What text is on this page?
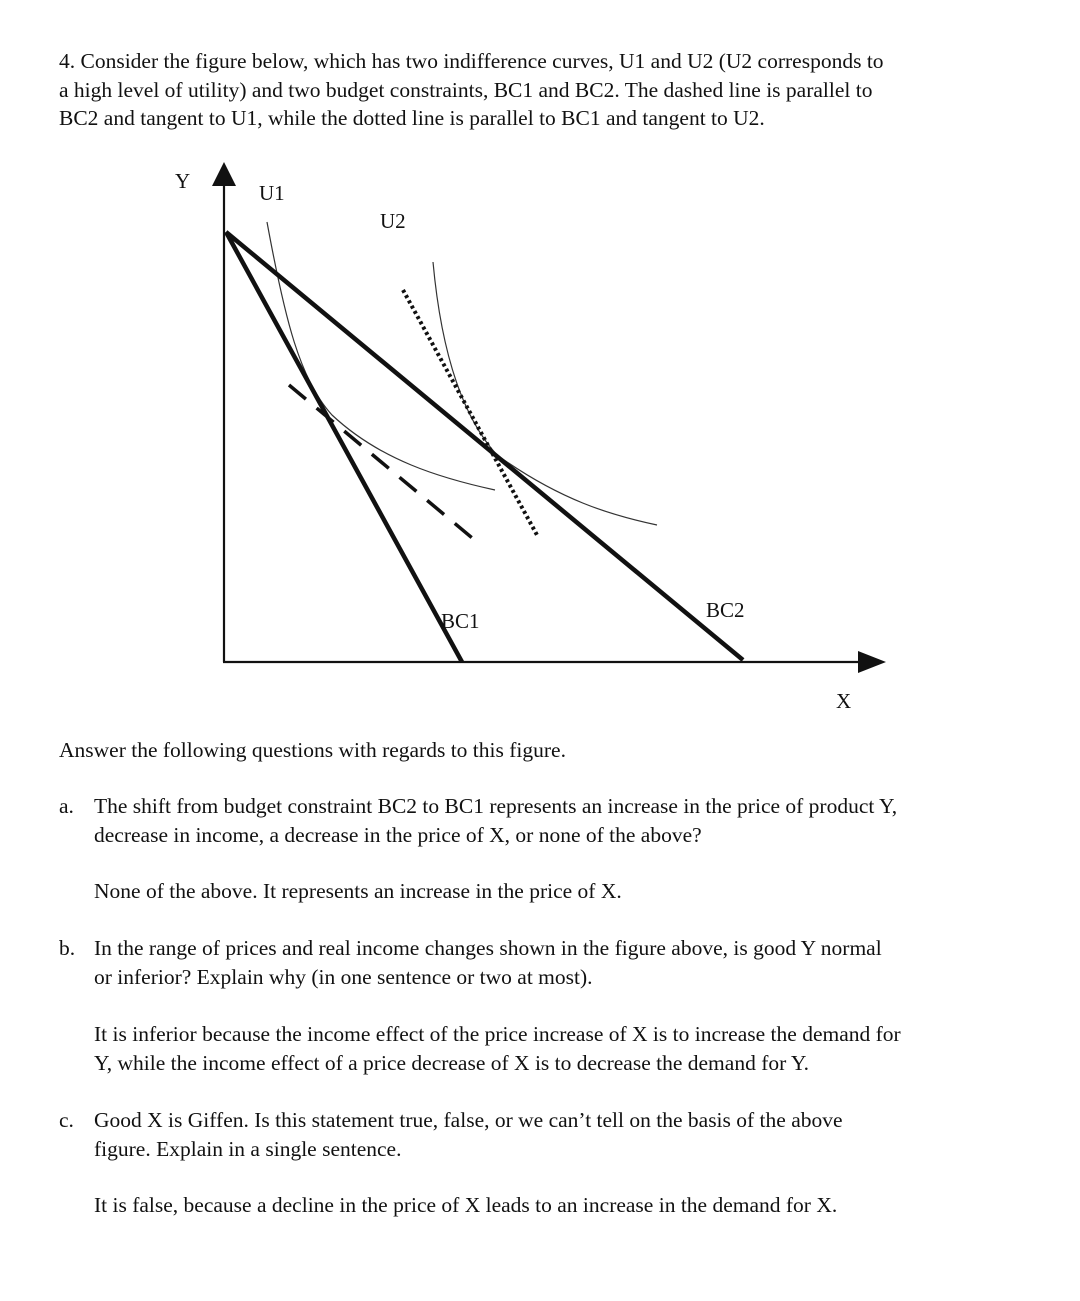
4. Consider the figure below, which has two indifference curves, U1 and U2 (U2 corresponds to
a high level of utility) and two budget constraints, BC1 and BC2. The dashed line is parallel to
BC2 and tangent to U1, while the dotted line is parallel to BC1 and tangent to U2.
Y
X
U1
U2
BC1	BC2
Answer the following questions with regards to this figure.
a. The shift from budget constraint BC2 to BC1 represents an increase in the price of product Y,
decrease in income, a decrease in the price of X, or none of the above?
None of the above. It represents an increase in the price of X.
b. In the range of prices and real income changes shown in the figure above, is good Y normal
or inferior? Explain why (in one sentence or two at most).
It is inferior because the income effect of the price increase of X is to increase the demand for
Y, while the income effect of a price decrease of X is to decrease the demand for Y.
c. Good X is Giffen. Is this statement true, false, or we can’t tell on the basis of the above
figure. Explain in a single sentence.
It is false, because a decline in the price of X leads to an increase in the demand for X.
